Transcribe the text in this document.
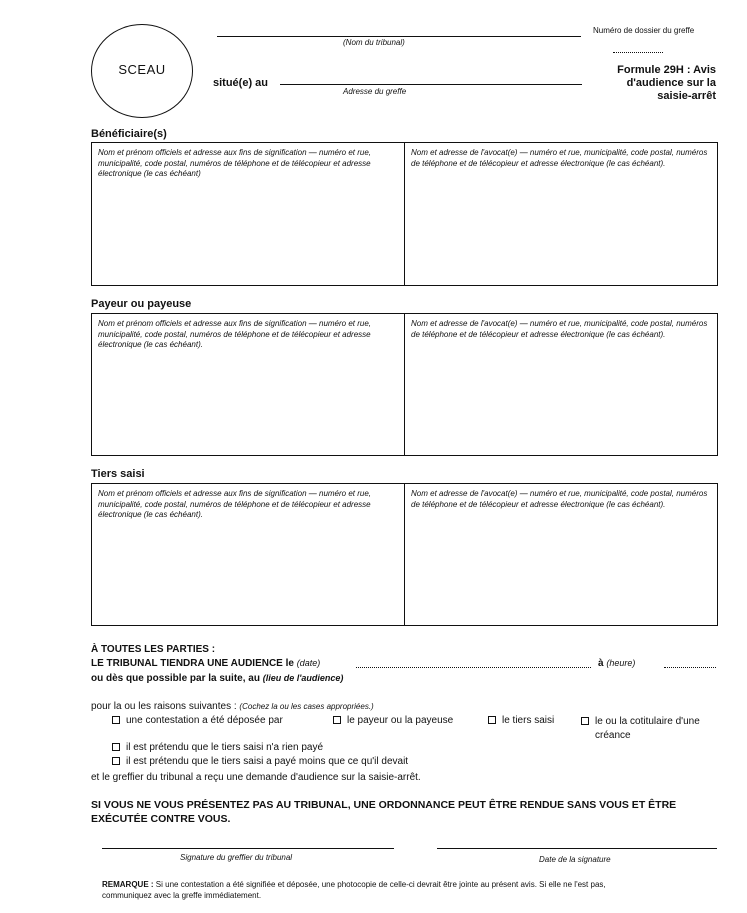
SCEAU
(Nom du tribunal)
situé(e) au
Adresse du greffe
Numéro de dossier du greffe
Formule 29H : Avis
d'audience sur la
saisie-arrêt
Bénéficiaire(s)
Nom et prénom officiels et adresse aux fins de signification — numéro et rue, municipalité, code postal, numéros de téléphone et de télécopieur et adresse électronique (le cas échéant)
Nom et adresse de l'avocat(e) — numéro et rue, municipalité, code postal, numéros de téléphone et de télécopieur et adresse électronique (le cas échéant).
Payeur ou payeuse
Nom et prénom officiels et adresse aux fins de signification — numéro et rue, municipalité, code postal, numéros de téléphone et de télécopieur et adresse électronique (le cas échéant).
Nom et adresse de l'avocat(e) — numéro et rue, municipalité, code postal, numéros de téléphone et de télécopieur et adresse électronique (le cas échéant).
Tiers saisi
Nom et prénom officiels et adresse aux fins de signification — numéro et rue, municipalité, code postal, numéros de téléphone et de télécopieur et adresse électronique (le cas échéant).
Nom et adresse de l'avocat(e) — numéro et rue, municipalité, code postal, numéros de téléphone et de télécopieur et adresse électronique (le cas échéant).
À TOUTES LES PARTIES :
LE TRIBUNAL TIENDRA UNE AUDIENCE le (date)	à (heure)
ou dès que possible par la suite, au (lieu de l'audience)
pour la ou les raisons suivantes : (Cochez la ou les cases appropriées.)
une contestation a été déposée par	le payeur ou la payeuse	le tiers saisi	le ou la cotitulaire d'une
créance
il est prétendu que le tiers saisi n'a rien payé
il est prétendu que le tiers saisi a payé moins que ce qu'il devait
et le greffier du tribunal a reçu une demande d'audience sur la saisie-arrêt.
SI VOUS NE VOUS PRÉSENTEZ PAS AU TRIBUNAL, UNE ORDONNANCE PEUT ÊTRE RENDUE SANS VOUS ET ÊTRE
EXÉCUTÉE CONTRE VOUS.
Signature du greffier du tribunal	Date de la signature
REMARQUE : Si une contestation a été signifiée et déposée, une photocopie de celle-ci devrait être jointe au présent avis. Si elle ne l'est pas,
communiquez avec la greffe immédiatement.
